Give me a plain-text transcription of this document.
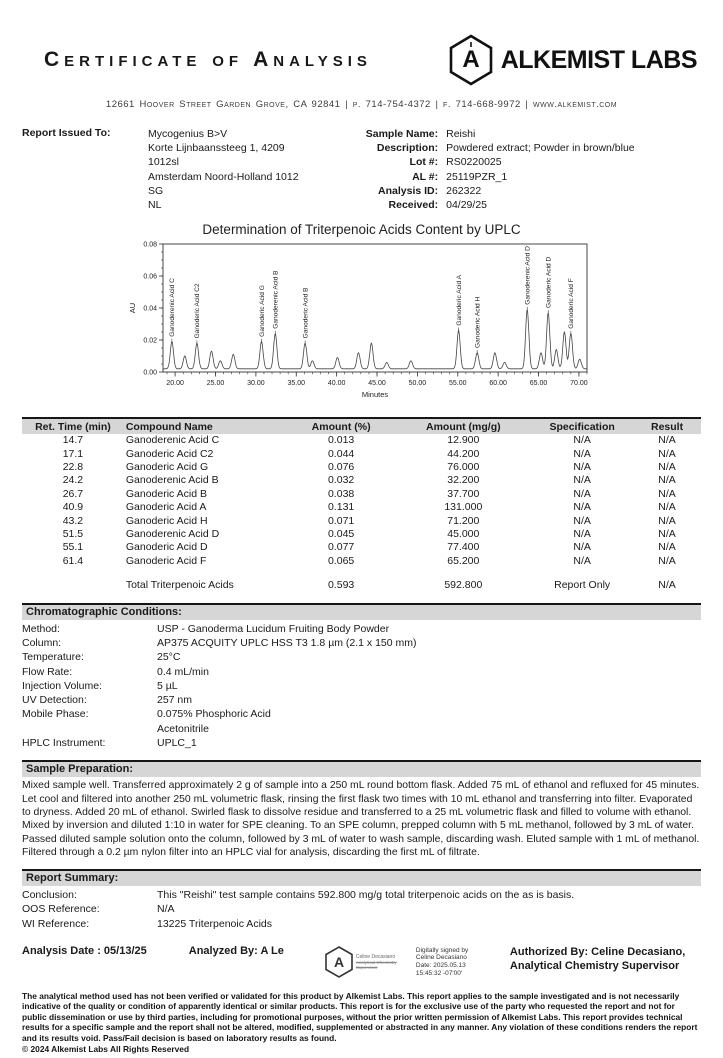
Certificate of Analysis	A ALKEMIST LABS
12661 Hoover Street Garden Grove, CA 92841 | p. 714-754-4372 | f. 714-668-9972 | www.alkemist.com
Report Issued To:	Mycogenius B>V
Korte Lijnbaanssteeg 1, 4209
1012sl
Amsterdam Noord-Holland 1012
SG
NL
Sample Name: Reishi
Description: Powdered extract; Powder in brown/blue
Lot #: RS0220025
AL #: 25119PZR_1
Analysis ID: 262322
Received: 04/29/25
Determination of Triterpenoic Acids Content by UPLC
0.00
0.02
0.04
0.06
0.08
20.00	25.00	30.00	35.00	40.00	45.00	50.00	55.00	60.00	65.00	70.00
Minutes
AU	Ganoderenic Acid C	Ganoderic Acid C2	Ganoderic Acid G Ganoderenic Acid B	Ganoderic Acid B	Ganoderic Acid A Ganoderic Acid H
Ganoderenic Acid D Ganoderic Acid D Ganoderic Acid F
Ret. Time (min)	Compound Name	Amount (%)	Amount (mg/g)	Specification	Result
14.7	Ganoderenic Acid C	0.013	12.900	N/A	N/A
17.1	Ganoderic Acid C2	0.044	44.200	N/A	N/A
22.8	Ganoderic Acid G	0.076	76.000	N/A	N/A
24.2	Ganoderenic Acid B	0.032	32.200	N/A	N/A
26.7	Ganoderic Acid B	0.038	37.700	N/A	N/A
40.9	Ganoderic Acid A	0.131	131.000	N/A	N/A
43.2	Ganoderic Acid H	0.071	71.200	N/A	N/A
51.5	Ganoderenic Acid D	0.045	45.000	N/A	N/A
55.1	Ganoderic Acid D	0.077	77.400	N/A	N/A
61.4	Ganoderic Acid F	0.065	65.200	N/A	N/A

	Total Triterpenoic Acids	0.593	592.800	Report Only	N/A
Chromatographic Conditions:
Method:	USP - Ganoderma Lucidum Fruiting Body Powder
Column:	AP375 ACQUITY UPLC HSS T3 1.8 µm (2.1 x 150 mm)
Temperature:	25°C
Flow Rate:	0.4 mL/min
Injection Volume:	5 µL
UV Detection:	257 nm
Mobile Phase:	0.075% Phosphoric Acid
Acetonitrile
HPLC Instrument:	UPLC_1
Sample Preparation:
Mixed sample well. Transferred approximately 2 g of sample into a 250 mL round bottom flask. Added 75 mL of ethanol and refluxed for 45 minutes. Let cool and filtered into another 250 mL volumetric flask, rinsing the first flask two times with 10 mL ethanol and transferring into filter. Evaporated to dryness. Added 20 mL of ethanol. Swirled flask to dissolve residue and transferred to a 25 mL volumetric flask and filled to volume with ethanol. Mixed by inversion and diluted 1:10 in water for SPE cleaning. To an SPE column, prepped column with 5 mL methanol, followed by 3 mL of water. Passed diluted sample solution onto the column, followed by 3 mL of water to wash sample, discarding wash. Eluted sample with 1 mL of methanol. Filtered through a 0.2 µm nylon filter into an HPLC vial for analysis, discarding the first mL of filtrate.
Report Summary:
Conclusion:	This "Reishi" test sample contains 592.800 mg/g total triterpenoic acids on the as is basis.
OOS Reference:	N/A
WI Reference:	13225 Triterpenoic Acids
Analysis Date : 05/13/25	Analyzed By: A Le
A Celine Decasiano
Analytical Chemistry Supervisor
Digitally signed by
Celine Decasiano
Date: 2025.05.13
15:45:32 -07'00'
Authorized By: Celine Decasiano,
Analytical Chemistry Supervisor
The analytical method used has not been verified or validated for this product by Alkemist Labs. This report applies to the sample investigated and is not necessarily indicative of the quality or condition of apparently identical or similar products. This report is for the exclusive use of the party who requested the report and not for public dissemination or use by third parties, including for promotional purposes, without the prior written permission of Alkemist Labs. This report provides technical results for a specific sample and the report shall not be altered, modified, supplemented or abstracted in any manner. Any violation of these conditions renders the report and its results void. Pass/Fail decision is based on laboratory results as found.
© 2024 Alkemist Labs All Rights Reserved
